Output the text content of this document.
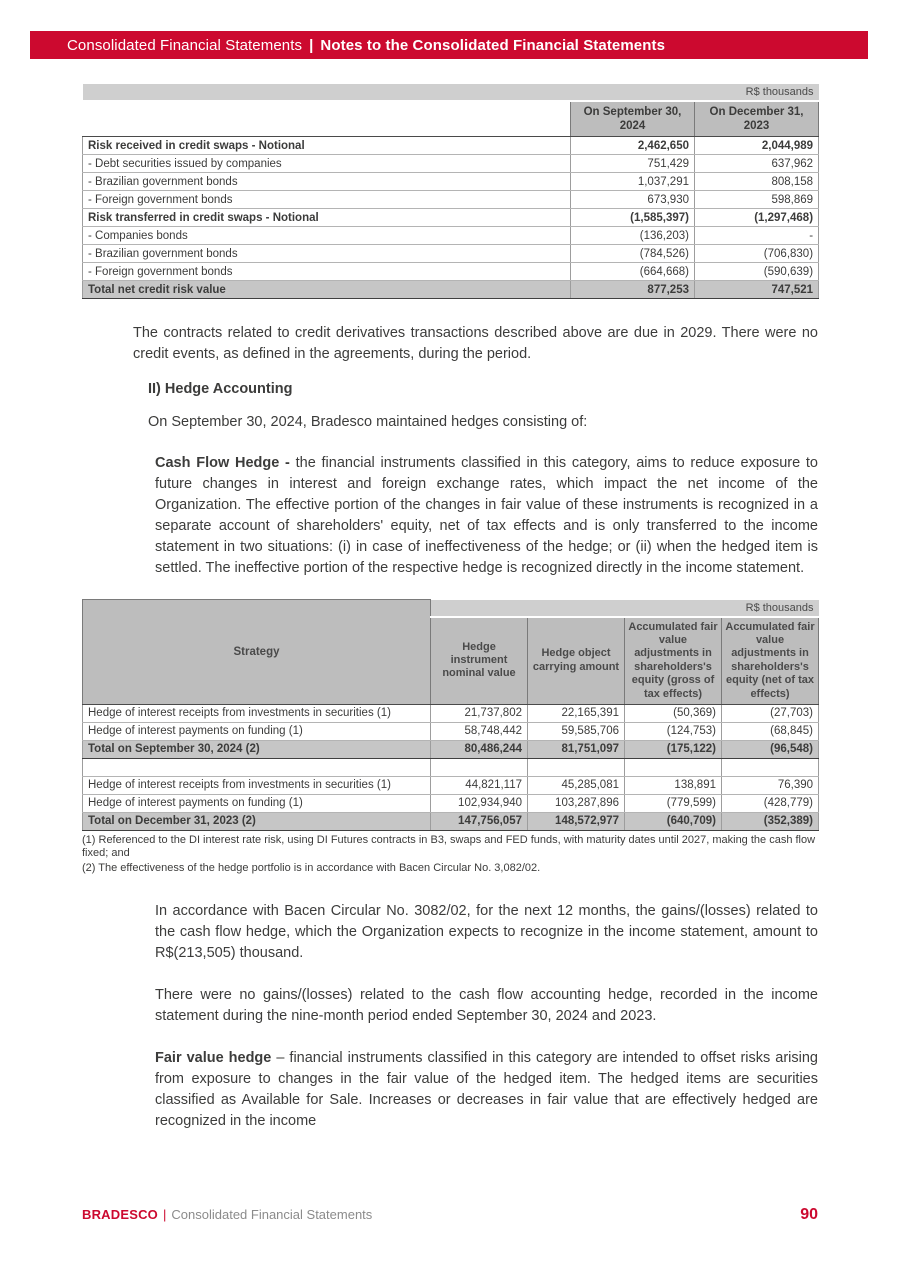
Consolidated Financial Statements | Notes to the Consolidated Financial Statements
R$ thousands		
	On September 30, 2024	On December 31, 2023
Risk received in credit swaps - Notional	2,462,650	2,044,989
- Debt securities issued by companies	751,429	637,962
- Brazilian government bonds	1,037,291	808,158
- Foreign government bonds	673,930	598,869
Risk transferred in credit swaps - Notional	(1,585,397)	(1,297,468)
- Companies bonds	(136,203)	-
- Brazilian government bonds	(784,526)	(706,830)
- Foreign government bonds	(664,668)	(590,639)
Total net credit risk value	877,253	747,521

The contracts related to credit derivatives transactions described above are due in 2029. There were no credit events, as defined in the agreements, during the period.

II) Hedge Accounting

On September 30, 2024, Bradesco maintained hedges consisting of:

Cash Flow Hedge - the financial instruments classified in this category, aims to reduce exposure to future changes in interest and foreign exchange rates, which impact the net income of the Organization. The effective portion of the changes in fair value of these instruments is recognized in a separate account of shareholders' equity, net of tax effects and is only transferred to the income statement in two situations: (i) in case of ineffectiveness of the hedge; or (ii) when the hedged item is settled. The ineffective portion of the respective hedge is recognized directly in the income statement.

Strategy	R$ thousands			
	Hedge instrument nominal value	Hedge object carrying amount	Accumulated fair value adjustments in shareholders's equity (gross of tax effects)	Accumulated fair value adjustments in shareholders's equity (net of tax effects)
Hedge of interest receipts from investments in securities (1)	21,737,802	22,165,391	(50,369)	(27,703)
Hedge of interest payments on funding (1)	58,748,442	59,585,706	(124,753)	(68,845)
Total on September 30, 2024 (2)	80,486,244	81,751,097	(175,122)	(96,548)

Hedge of interest receipts from investments in securities (1)	44,821,117	45,285,081	138,891	76,390
Hedge of interest payments on funding (1)	102,934,940	103,287,896	(779,599)	(428,779)
Total on December 31, 2023 (2)	147,756,057	148,572,977	(640,709)	(352,389)
(1) Referenced to the DI interest rate risk, using DI Futures contracts in B3, swaps and FED funds, with maturity dates until 2027, making the cash flow fixed; and
(2) The effectiveness of the hedge portfolio is in accordance with Bacen Circular No. 3,082/02.

In accordance with Bacen Circular No. 3082/02, for the next 12 months, the gains/(losses) related to the cash flow hedge, which the Organization expects to recognize in the income statement, amount to R$(213,505) thousand.

There were no gains/(losses) related to the cash flow accounting hedge, recorded in the income statement during the nine-month period ended September 30, 2024 and 2023.

Fair value hedge – financial instruments classified in this category are intended to offset risks arising from exposure to changes in the fair value of the hedged item. The hedged items are securities classified as Available for Sale. Increases or decreases in fair value that are effectively hedged are recognized in the income

BRADESCO | Consolidated Financial Statements	90
